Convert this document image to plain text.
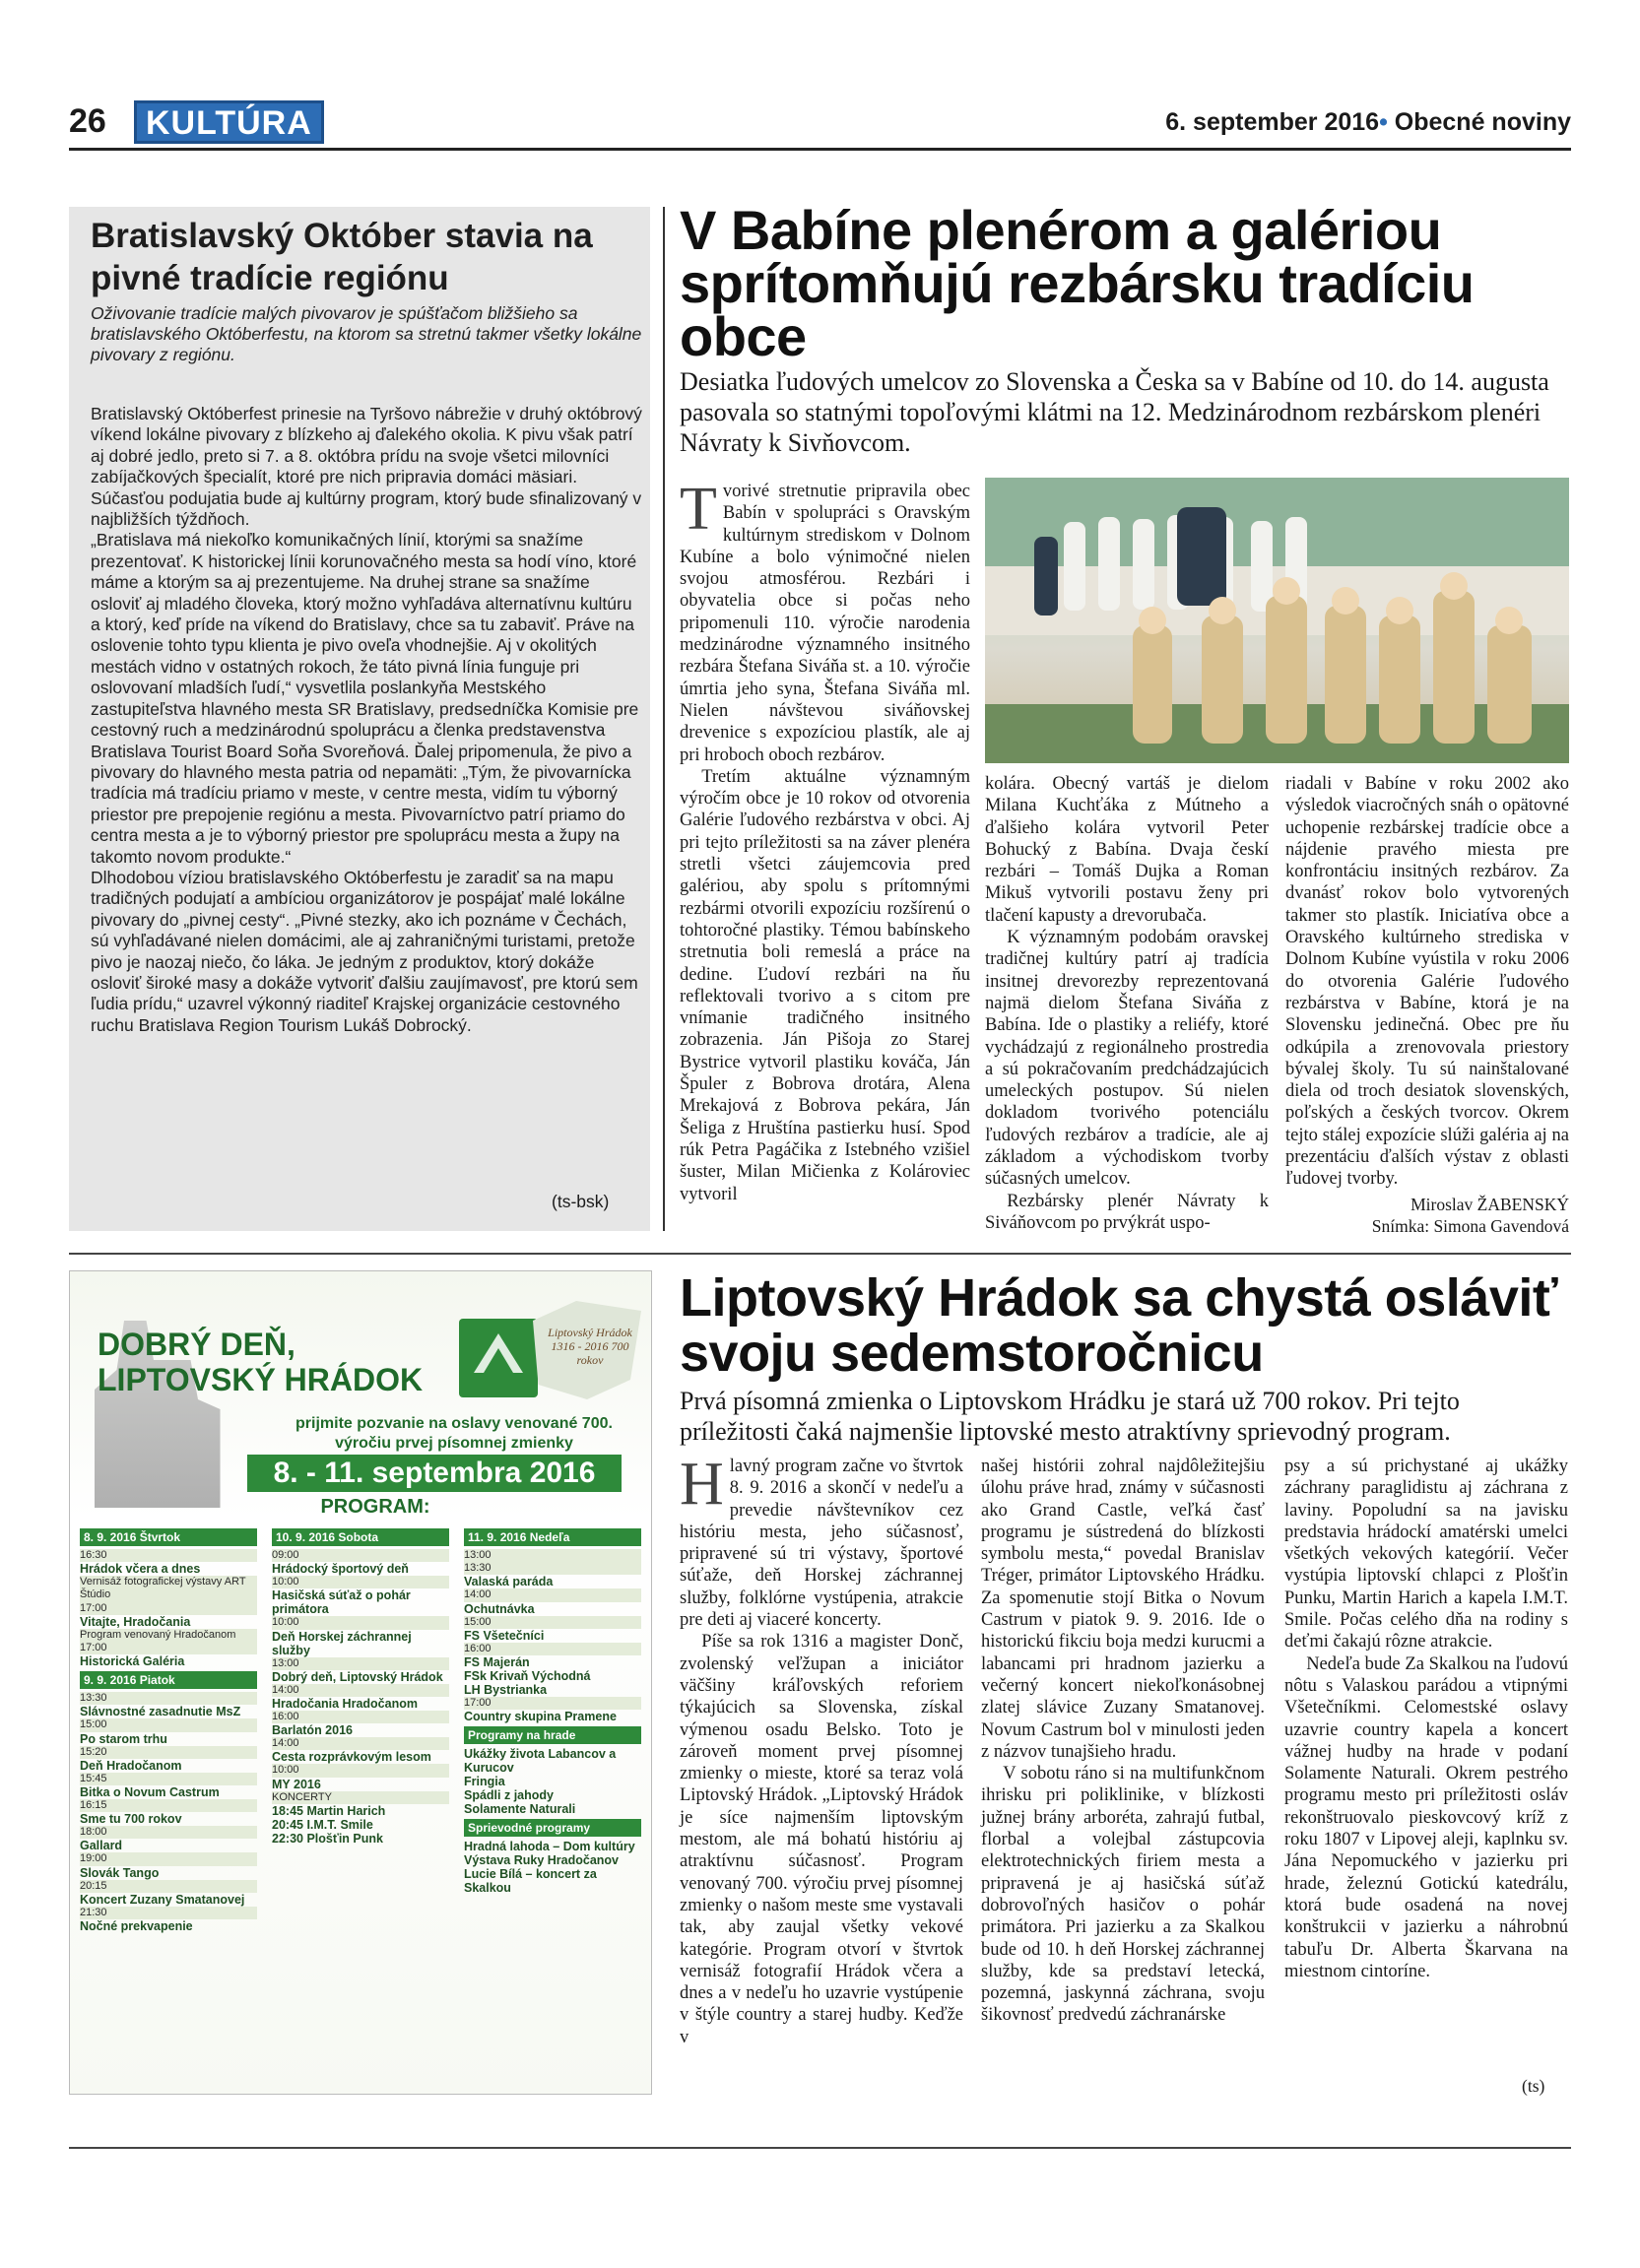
26 KULTÚRA	6. september 2016• Obecné noviny
Bratislavský Október stavia na pivné tradície regiónu
Oživovanie tradície malých pivovarov je spúšťačom bližšieho sa bratislavského Októberfestu, na ktorom sa stretnú takmer všetky lokálne pivovary z regiónu.

Bratislavský Októberfest prinesie na Tyršovo nábrežie v druhý októbrový víkend lokálne pivovary z blízkeho aj ďalekého okolia. K pivu však patrí aj dobré jedlo, preto si 7. a 8. októbra prídu na svoje všetci milovníci zabíjačkových špecialít, ktoré pre nich pripravia domáci mäsiari. Súčasťou podujatia bude aj kultúrny program, ktorý bude sfinalizovaný v najbližších týždňoch.

„Bratislava má niekoľko komunikačných línií, ktorými sa snažíme prezentovať. K historickej línii korunovačného mesta sa hodí víno, ktoré máme a ktorým sa aj prezentujeme. Na druhej strane sa snažíme osloviť aj mladého človeka, ktorý možno vyhľadáva alternatívnu kultúru a ktorý, keď príde na víkend do Bratislavy, chce sa tu zabaviť. Práve na oslovenie tohto typu klienta je pivo oveľa vhodnejšie. Aj v okolitých mestách vidno v ostatných rokoch, že táto pivná línia funguje pri oslovovaní mladších ľudí,“ vysvetlila poslankyňa Mestského zastupiteľstva hlavného mesta SR Bratislavy, predsedníčka Komisie pre cestovný ruch a medzinárodnú spoluprácu a členka predstavenstva Bratislava Tourist Board Soňa Svoreňová. Ďalej pripomenula, že pivo a pivovary do hlavného mesta patria od nepamäti: „Tým, že pivovarnícka tradícia má tradíciu priamo v meste, v centre mesta, vidím tu výborný priestor pre prepojenie regiónu a mesta. Pivovarníctvo patrí priamo do centra mesta a je to výborný priestor pre spoluprácu mesta a župy na takomto novom produkte.“

Dlhodobou víziou bratislavského Októberfestu je zaradiť sa na mapu tradičných podujatí a ambíciou organizátorov je pospájať malé lokálne pivovary do „pivnej cesty“. „Pivné stezky, ako ich poznáme v Čechách, sú vyhľadávané nielen domácimi, ale aj zahraničnými turistami, pretože pivo je naozaj niečo, čo láka. Je jedným z produktov, ktorý dokáže osloviť široké masy a dokáže vytvoriť ďalšiu zaujímavosť, pre ktorú sem ľudia prídu,“ uzavrel výkonný riaditeľ Krajskej organizácie cestovného ruchu Bratislava Region Tourism Lukáš Dobrocký.

(ts-bsk)
V Babíne plenérom a galériou sprítomňujú rezbársku tradíciu obce
Desiatka ľudových umelcov zo Slovenska a Česka sa v Babíne od 10. do 14. augusta pasovala so statnými topoľovými klátmi na 12. Medzinárodnom rezbárskom plenéri Návraty k Sivňovcom.

Tvorivé stretnutie pripravila obec Babín v spolupráci s Oravským kultúrnym strediskom v Dolnom Kubíne a bolo výnimočné nielen svojou atmosférou. Rezbári i obyvatelia obce si počas neho pripomenuli 110. výročie narodenia medzinárodne významného insitného rezbára Štefana Siváňa st. a 10. výročie úmrtia jeho syna, Štefana Siváňa ml. Nielen návštevou siváňovskej drevenice s expozíciou plastík, ale aj pri hroboch oboch rezbárov.

Tretím aktuálne významným výročím obce je 10 rokov od otvorenia Galérie ľudového rezbárstva v obci. Aj pri tejto príležitosti sa na záver plenéra stretli všetci záujemcovia pred galériou, aby spolu s prítomnými rezbármi otvorili expozíciu rozšírenú o tohtoročné plastiky. Témou babínskeho stretnutia boli remeslá a práce na dedine. Ľudoví rezbári na ňu reflektovali tvorivo a s citom pre vnímanie tradičného insitného zobrazenia. Ján Pišoja zo Starej Bystrice vytvoril plastiku kováča, Ján Špuler z Bobrova drotára, Alena Mrekajová z Bobrova pekára, Ján Šeliga z Hruštína pastierku husí. Spod rúk Petra Pagáčika z Istebného vzišiel šuster, Milan Mičienka z Kolároviec vytvoril

kolára. Obecný vartáš je dielom Milana Kuchťáka z Mútneho a ďalšieho kolára vytvoril Peter Bohucký z Babína. Dvaja českí rezbári – Tomáš Dujka a Roman Mikuš vytvorili postavu ženy pri tlačení kapusty a drevorubača.

K významným podobám oravskej tradičnej kultúry patrí aj tradícia insitnej drevorezby reprezentovaná najmä dielom Štefana Siváňa z Babína. Ide o plastiky a reliéfy, ktoré vychádzajú z regionálneho prostredia a sú pokračovaním predchádzajúcich umeleckých postupov. Sú nielen dokladom tvorivého potenciálu ľudových rezbárov a tradície, ale aj základom a východiskom tvorby súčasných umelcov.

Rezbársky plenér Návraty k Siváňovcom po prvýkrát uspo-

riadali v Babíne v roku 2002 ako výsledok viacročných snáh o opätovné uchopenie rezbárskej tradície obce a nájdenie pravého miesta pre konfrontáciu insitných rezbárov. Za dvanásť rokov bolo vytvorených takmer sto plastík. Iniciatíva obce a Oravského kultúrneho strediska v Dolnom Kubíne vyústila v roku 2006 do otvorenia Galérie ľudového rezbárstva v Babíne, ktorá je na Slovensku jedinečná. Obec pre ňu odkúpila a zrenovovala priestory bývalej školy. Tu sú nainštalované diela od troch desiatok slovenských, poľských a českých tvorcov. Okrem tejto stálej expozície slúži galéria aj na prezentáciu ďalších výstav z oblasti ľudovej tvorby.

Miroslav ŽABENSKÝ
Snímka: Simona Gavendová
DOBRÝ DEŇ,
LIPTOVSKÝ HRÁDOK
Liptovský Hrádok 1316 - 2016 700 rokov
prijmite pozvanie na oslavy venované 700. výročiu prvej písomnej zmienky
8. - 11. septembra 2016
PROGRAM:
8. 9. 2016 Štvrtok
16:30
Hrádok včera a dnes
Vernisáž fotografickej výstavy ART Štúdio
17:00
Vitajte, Hradočania
Program venovaný Hradočanom
17:00
Historická Galéria
9. 9. 2016 Piatok
13:30
Slávnostné zasadnutie MsZ
15:00
Po starom trhu
15:20
Deň Hradočanom
15:45
Bitka o Novum Castrum
16:15
Sme tu 700 rokov
18:00
Gallard
19:00
Slovák Tango
20:15
Koncert Zuzany Smatanovej
21:30
Nočné prekvapenie
10. 9. 2016 Sobota
09:00
Hrádocký športový deň
10:00
Hasičská súťaž o pohár primátora
10:00
Deň Horskej záchrannej služby
13:00
Dobrý deň, Liptovský Hrádok
14:00
Hradočania Hradočanom
16:00
Barlatón 2016
14:00
Cesta rozprávkovým lesom
10:00
MY 2016
KONCERTY
18:45 Martin Harich
20:45 I.M.T. Smile
22:30 Plošťin Punk
11. 9. 2016 Nedeľa
13:00
13:30
Valaská paráda
14:00
Ochutnávka
15:00
FS Všetečníci
16:00
FS Majerán
FSk Krivaň Východná
LH Bystrianka
17:00
Country skupina Pramene
Programy na hrade
Ukážky života Labancov a Kurucov
Fringia
Spádli z jahody
Solamente Naturali
Sprievodné programy
Hradná lahoda – Dom kultúry
Výstava Ruky Hradočanov
Lucie Bílá – koncert za Skalkou
Liptovský Hrádok sa chystá osláviť svoju sedemstoročnicu
Prvá písomná zmienka o Liptovskom Hrádku je stará už 700 rokov. Pri tejto príležitosti čaká najmenšie liptovské mesto atraktívny sprievodný program.

Hlavný program začne vo štvrtok 8. 9. 2016 a skončí v nedeľu a prevedie návštevníkov cez históriu mesta, jeho súčasnosť, pripravené sú tri výstavy, športové súťaže, deň Horskej záchrannej služby, folklórne vystúpenia, atrakcie pre deti aj viaceré koncerty.

Píše sa rok 1316 a magister Donč, zvolenský veľžupan a iniciátor väčšiny kráľovských reforiem týkajúcich sa Slovenska, získal výmenou osadu Belsko. Toto je zároveň moment prvej písomnej zmienky o mieste, ktoré sa teraz volá Liptovský Hrádok. „Liptovský Hrádok je síce najmenším liptovským mestom, ale má bohatú históriu aj atraktívnu súčasnosť. Program venovaný 700. výročiu prvej písomnej zmienky o našom meste sme vystavali tak, aby zaujal všetky vekové kategórie. Program otvorí v štvrtok vernisáž fotografií Hrádok včera a dnes a v nedeľu ho uzavrie vystúpenie v štýle country a starej hudby. Keďže v

našej histórii zohral najdôležitejšiu úlohu práve hrad, známy v súčasnosti ako Grand Castle, veľká časť programu je sústredená do blízkosti symbolu mesta,“ povedal Branislav Tréger, primátor Liptovského Hrádku. Za spomenutie stojí Bitka o Novum Castrum v piatok 9. 9. 2016. Ide o historickú fikciu boja medzi kurucmi a labancami pri hradnom jazierku a večerný koncert niekoľkonásobnej zlatej slávice Zuzany Smatanovej. Novum Castrum bol v minulosti jeden z názvov tunajšieho hradu.

V sobotu ráno si na multifunkčnom ihrisku pri poliklinike, v blízkosti južnej brány arboréta, zahrajú futbal, florbal a volejbal zástupcovia elektrotechnických firiem mesta a pripravená je aj hasičská súťaž dobrovoľných hasičov o pohár primátora. Pri jazierku a za Skalkou bude od 10. h deň Horskej záchrannej služby, kde sa predstaví letecká, pozemná, jaskynná záchrana, svoju šikovnosť predvedú záchranárske

psy a sú prichystané aj ukážky záchrany paraglidistu aj záchrana z laviny. Popoludní sa na javisku predstavia hrádockí amatérski umelci všetkých vekových kategórií. Večer vystúpia liptovskí chlapci z Plošťin Punku, Martin Harich a kapela I.M.T. Smile. Počas celého dňa na rodiny s deťmi čakajú rôzne atrakcie.

Nedeľa bude Za Skalkou na ľudovú nôtu s Valaskou parádou a vtipnými Všetečníkmi. Celomestské oslavy uzavrie country kapela a koncert vážnej hudby na hrade v podaní Solamente Naturali. Okrem pestrého programu mesto pri príležitosti osláv rekonštruovalo pieskovcový kríž z roku 1807 v Lipovej aleji, kaplnku sv. Jána Nepomuckého v jazierku pri hrade, železnú Gotickú katedrálu, ktorá bude osadená na novej konštrukcii v jazierku a náhrobnú tabuľu Dr. Alberta Škarvana na miestnom cintoríne.

(ts)
